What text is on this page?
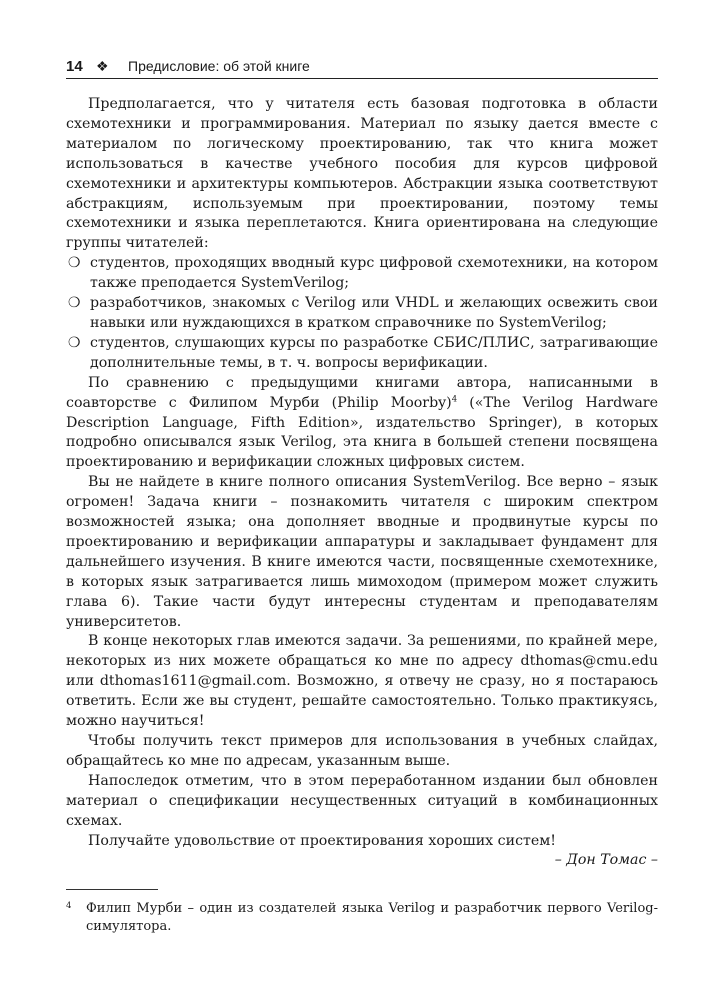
14 ❖ Предисловие: об этой книге

Предполагается, что у читателя есть базовая подготовка в области схемотехники и программирования. Материал по языку дается вместе с материалом по логическому проектированию, так что книга может использоваться в качестве учебного пособия для курсов цифровой схемотехники и архитектуры компьютеров. Абстракции языка соответствуют абстракциям, используемым при проектировании, поэтому темы схемотехники и языка переплетаются. Книга ориентирована на следующие группы читателей:

❍ студентов, проходящих вводный курс цифровой схемотехники, на котором также преподается SystemVerilog;
❍ разработчиков, знакомых с Verilog или VHDL и желающих освежить свои навыки или нуждающихся в кратком справочнике по SystemVerilog;
❍ студентов, слушающих курсы по разработке СБИС/ПЛИС, затрагивающие дополнительные темы, в т. ч. вопросы верификации.

По сравнению с предыдущими книгами автора, написанными в соавторстве с Филипом Мурби (Philip Moorby)$^4$ («The Verilog Hardware Description Language, Fifth Edition», издательство Springer), в которых подробно описывался язык Verilog, эта книга в большей степени посвящена проектированию и верификации сложных цифровых систем.

Вы не найдете в книге полного описания SystemVerilog. Все верно – язык огромен! Задача книги – познакомить читателя с широким спектром возможностей языка; она дополняет вводные и продвинутые курсы по проектированию и верификации аппаратуры и закладывает фундамент для дальнейшего изучения. В книге имеются части, посвященные схемотехнике, в которых язык затрагивается лишь мимоходом (примером может служить глава 6). Такие части будут интересны студентам и преподавателям университетов.

В конце некоторых глав имеются задачи. За решениями, по крайней мере, некоторых из них можете обращаться ко мне по адресу dthomas@cmu.edu или dthomas1611@gmail.com. Возможно, я отвечу не сразу, но я постараюсь ответить. Если же вы студент, решайте самостоятельно. Только практикуясь, можно научиться!

Чтобы получить текст примеров для использования в учебных слайдах, обращайтесь ко мне по адресам, указанным выше.

Напоследок отметим, что в этом переработанном издании был обновлен материал о спецификации несущественных ситуаций в комбинационных схемах.

Получайте удовольствие от проектирования хороших систем!

– Дон Томас –

4	Филип Мурби – один из создателей языка Verilog и разработчик первого Verilog-симулятора.
